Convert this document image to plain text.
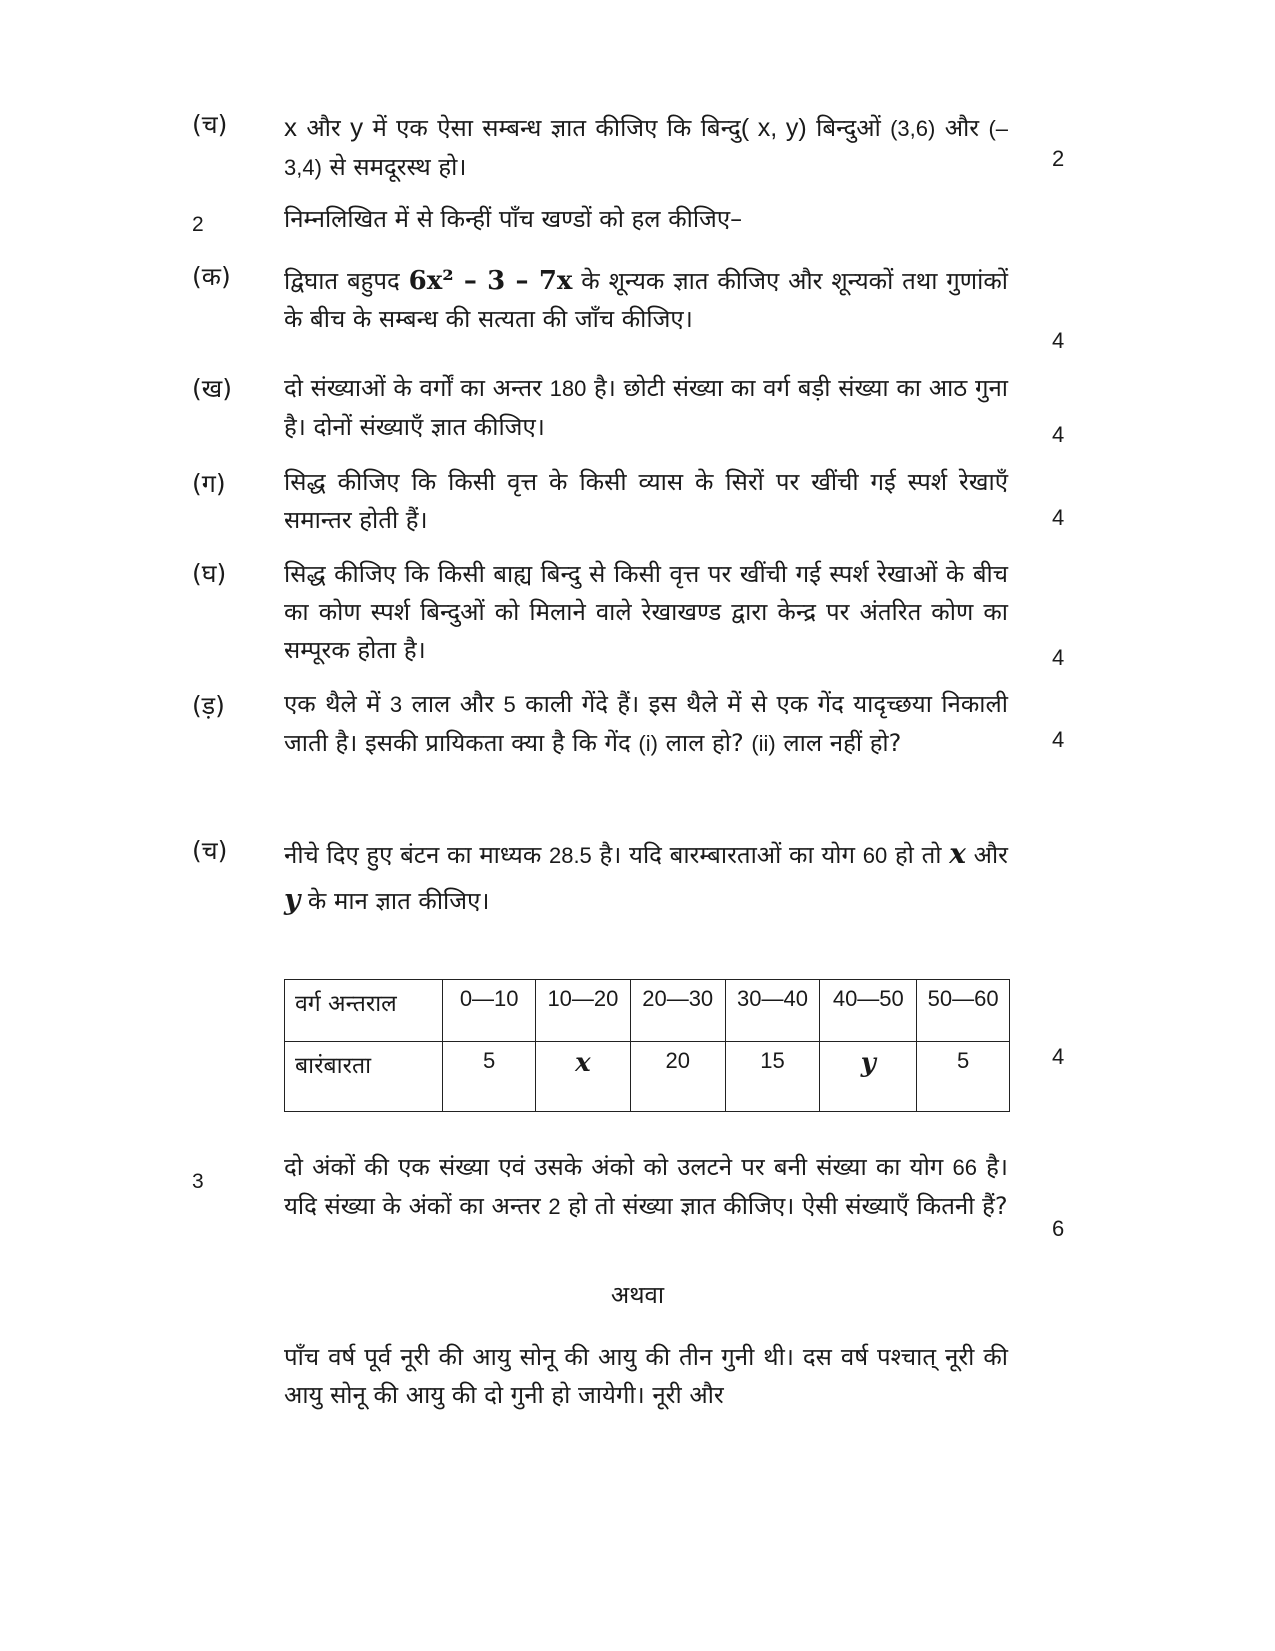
(च) x और y में एक ऐसा सम्बन्ध ज्ञात कीजिए कि बिन्दु( x, y) बिन्दुओं (3,6) और (–3,4) से समदूरस्थ हो।	2
2	निम्नलिखित में से किन्हीं पाँच खण्डों को हल कीजिए–
(क) द्विघात बहुपद 6x² – 3 – 7x के शून्यक ज्ञात कीजिए और शून्यकों तथा गुणांकों के बीच के सम्बन्ध की सत्यता की जाँच कीजिए।
4
(ख) दो संख्याओं के वर्गों का अन्तर 180 है। छोटी संख्या का वर्ग बड़ी संख्या का आठ गुना है। दोनों संख्याएँ ज्ञात कीजिए।	4
(ग) सिद्ध कीजिए कि किसी वृत्त के किसी व्यास के सिरों पर खींची गई स्पर्श रेखाएँ समान्तर होती हैं।	4
(घ) सिद्ध कीजिए कि किसी बाह्य बिन्दु से किसी वृत्त पर खींची गई स्पर्श रेखाओं के बीच का कोण स्पर्श बिन्दुओं को मिलाने वाले रेखाखण्ड द्वारा केन्द्र पर अंतरित कोण का सम्पूरक होता है।	4
(ड़) एक थैले में 3 लाल और 5 काली गेंदे हैं। इस थैले में से एक गेंद यादृच्छया निकाली जाती है। इसकी प्रायिकता क्या है कि गेंद (i) लाल हो? (ii) लाल नहीं हो?	4
(च) नीचे दिए हुए बंटन का माध्यक 28.5 है। यदि बारम्बारताओं का योग 60 हो तो x और y के मान ज्ञात कीजिए।
वर्ग अन्तराल	0—10	10—20	20—30	30—40	40—50	50—60
बारंबारता	5	x	20	15	y	5	4
3
दो अंकों की एक संख्या एवं उसके अंको को उलटने पर बनी संख्या का योग 66 है। यदि संख्या के अंकों का अन्तर 2 हो तो संख्या ज्ञात कीजिए। ऐसी संख्याएँ कितनी हैं?
6
अथवा
पाँच वर्ष पूर्व नूरी की आयु सोनू की आयु की तीन गुनी थी। दस वर्ष पश्चात् नूरी की आयु सोनू की आयु की दो गुनी हो जायेगी। नूरी और
